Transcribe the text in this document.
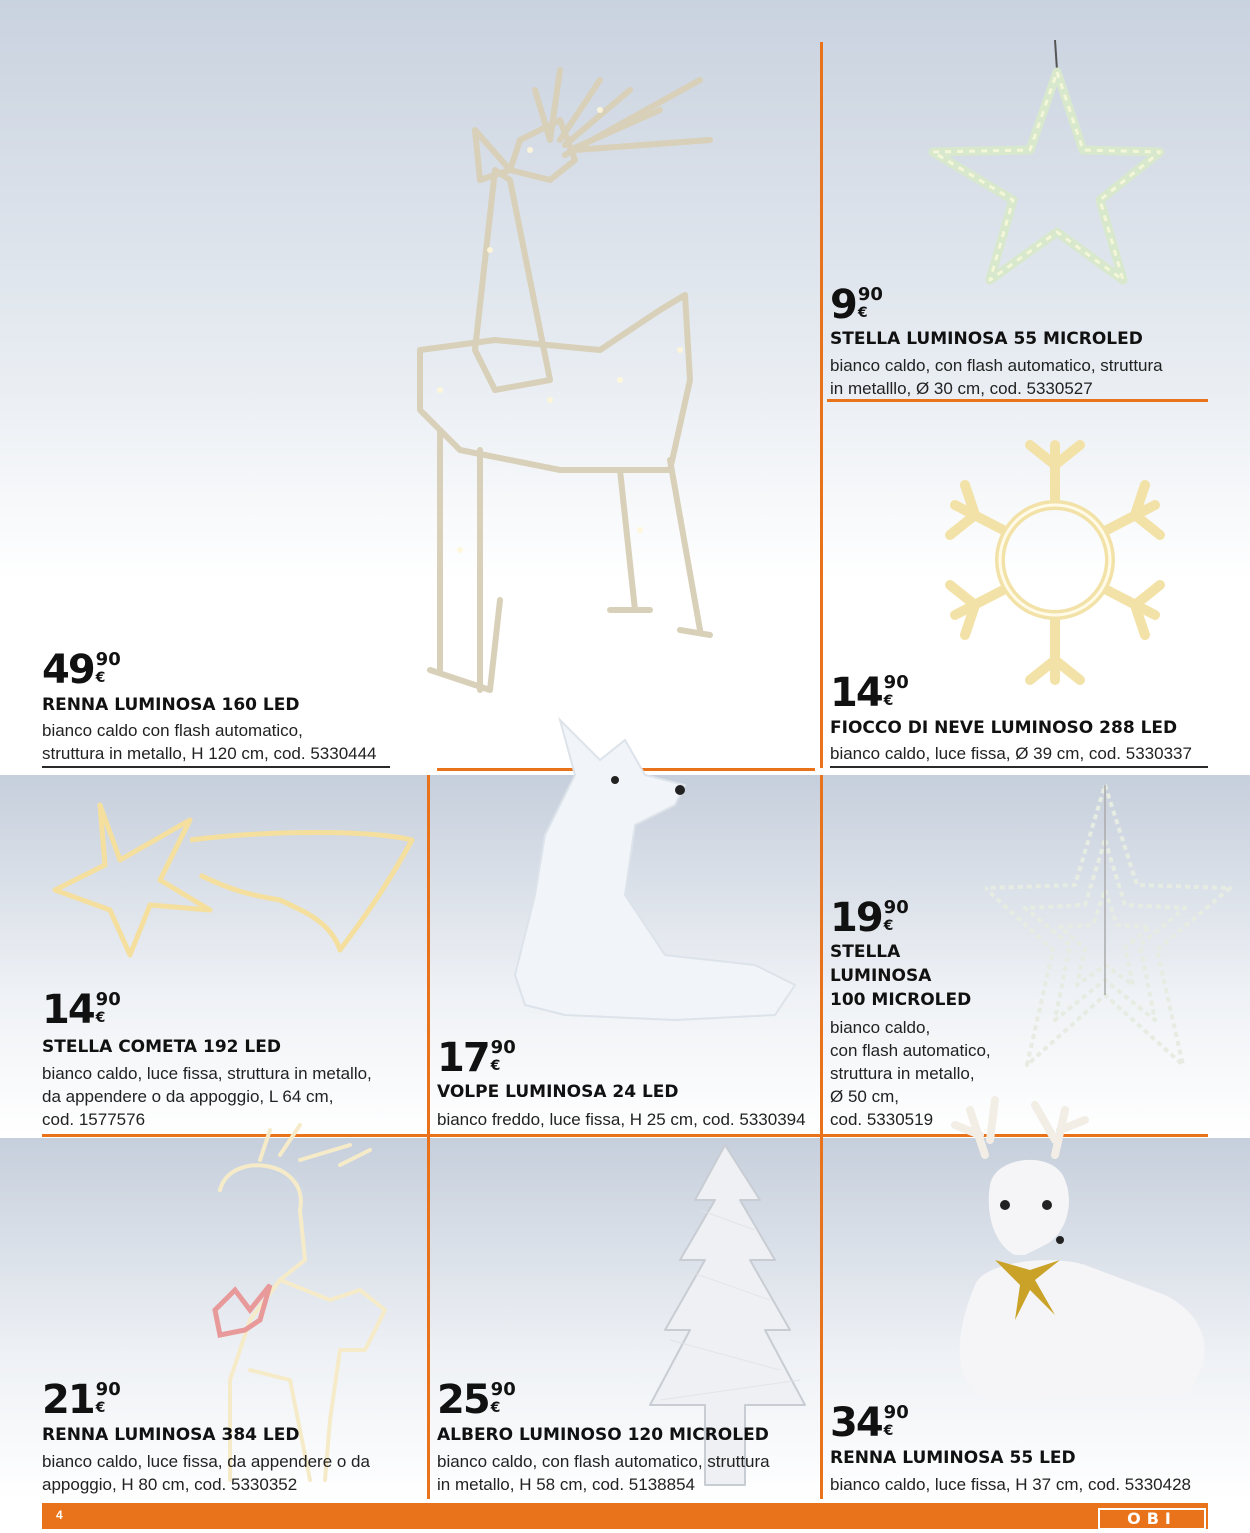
49 90
€
RENNA LUMINOSA 160 LED
bianco caldo con flash automatico,
struttura in metallo, H 120 cm, cod. 5330444
9 90
€
STELLA LUMINOSA 55 MICROLED
bianco caldo, con flash automatico, struttura
in metalllo, Ø 30 cm, cod. 5330527
14 90
€
FIOCCO DI NEVE LUMINOSO 288 LED
bianco caldo, luce fissa, Ø 39 cm, cod. 5330337
14 90
€
STELLA COMETA 192 LED
bianco caldo, luce fissa, struttura in metallo,
da appendere o da appoggio, L 64 cm,
cod. 1577576
17 90
€
VOLPE LUMINOSA 24 LED
bianco freddo, luce fissa, H 25 cm, cod. 5330394
19 90
€
STELLA
LUMINOSA
100 MICROLED
bianco caldo,
con flash automatico,
struttura in metallo,
Ø 50 cm,
cod. 5330519
21 90
€
RENNA LUMINOSA 384 LED
bianco caldo, luce fissa, da appendere o da
appoggio, H 80 cm, cod. 5330352
25 90
€
ALBERO LUMINOSO 120 MICROLED
bianco caldo, con flash automatico, struttura
in metallo, H 58 cm, cod. 5138854
34 90
€
RENNA LUMINOSA 55 LED
bianco caldo, luce fissa, H 37 cm, cod. 5330428
4	OBI
